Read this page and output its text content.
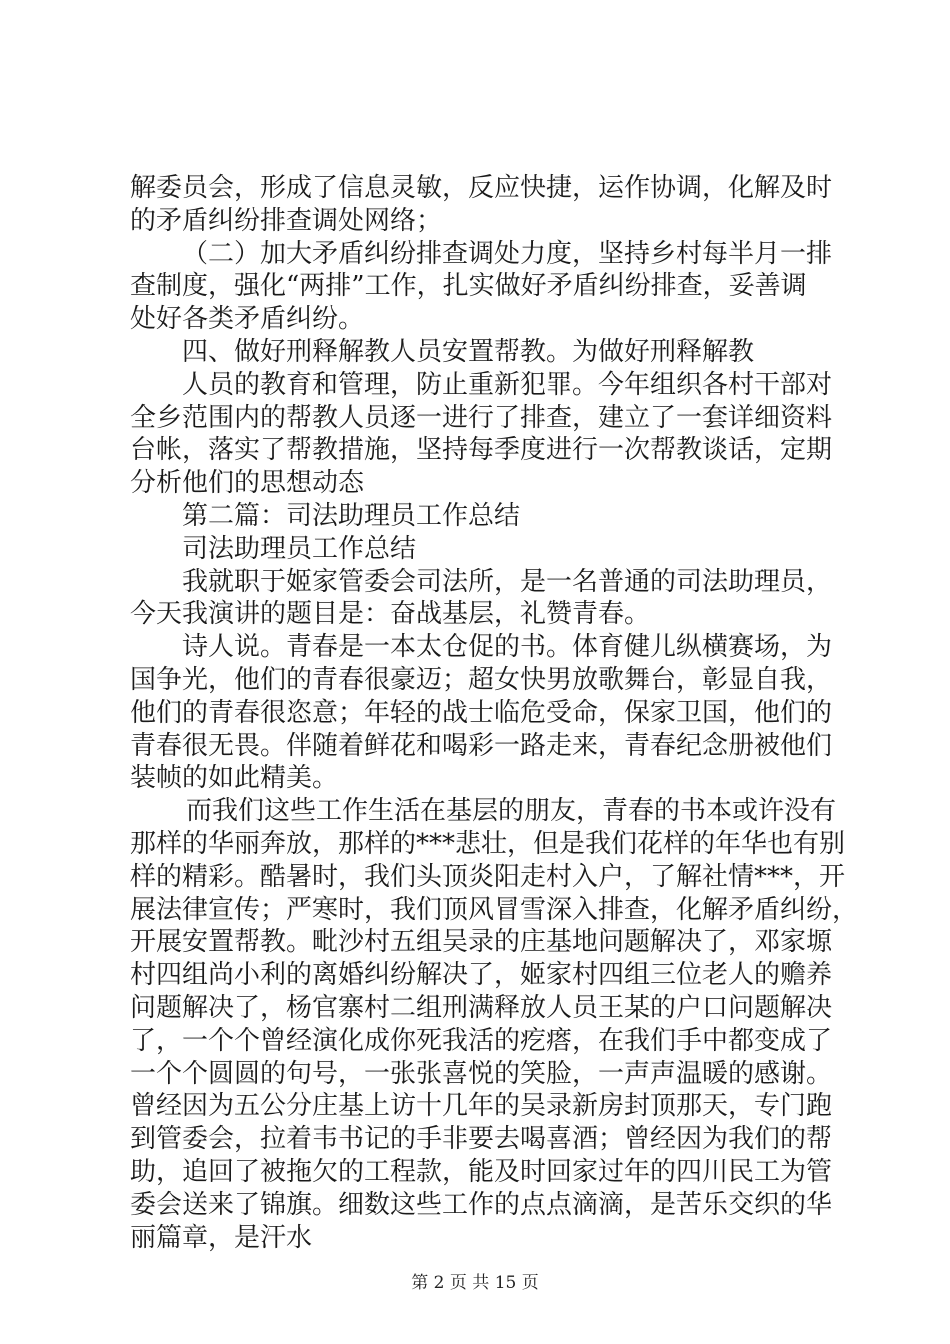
解委员会，形成了信息灵敏，反应快捷，运作协调，化解及时
的矛盾纠纷排查调处网络；
（二）加大矛盾纠纷排查调处力度，坚持乡村每半月一排
查制度，强化“两排”工作，扎实做好矛盾纠纷排查，妥善调
处好各类矛盾纠纷。
四、做好刑释解教人员安置帮教。为做好刑释解教
人员的教育和管理，防止重新犯罪。今年组织各村干部对
全乡范围内的帮教人员逐一进行了排查，建立了一套详细资料
台帐，落实了帮教措施，坚持每季度进行一次帮教谈话，定期
分析他们的思想动态
第二篇：司法助理员工作总结
司法助理员工作总结
我就职于姬家管委会司法所，是一名普通的司法助理员，
今天我演讲的题目是：奋战基层，礼赞青春。
诗人说。青春是一本太仓促的书。体育健儿纵横赛场，为
国争光，他们的青春很豪迈；超女快男放歌舞台，彰显自我，
他们的青春很恣意；年轻的战士临危受命，保家卫国，他们的
青春很无畏。伴随着鲜花和喝彩一路走来，青春纪念册被他们
装帧的如此精美。
而我们这些工作生活在基层的朋友，青春的书本或许没有
那样的华丽奔放，那样的***悲壮，但是我们花样的年华也有别
样的精彩。酷暑时，我们头顶炎阳走村入户，了解社情***，开
展法律宣传；严寒时，我们顶风冒雪深入排查，化解矛盾纠纷，
开展安置帮教。毗沙村五组吴录的庄基地问题解决了，邓家塬
村四组尚小利的离婚纠纷解决了，姬家村四组三位老人的赡养
问题解决了，杨官寨村二组刑满释放人员王某的户口问题解决
了，一个个曾经演化成你死我活的疙瘩，在我们手中都变成了
一个个圆圆的句号，一张张喜悦的笑脸，一声声温暖的感谢。
曾经因为五公分庄基上访十几年的吴录新房封顶那天，专门跑
到管委会，拉着韦书记的手非要去喝喜酒；曾经因为我们的帮
助，追回了被拖欠的工程款，能及时回家过年的四川民工为管
委会送来了锦旗。细数这些工作的点点滴滴，是苦乐交织的华
丽篇章，是汗水
第 2 页 共 15 页
